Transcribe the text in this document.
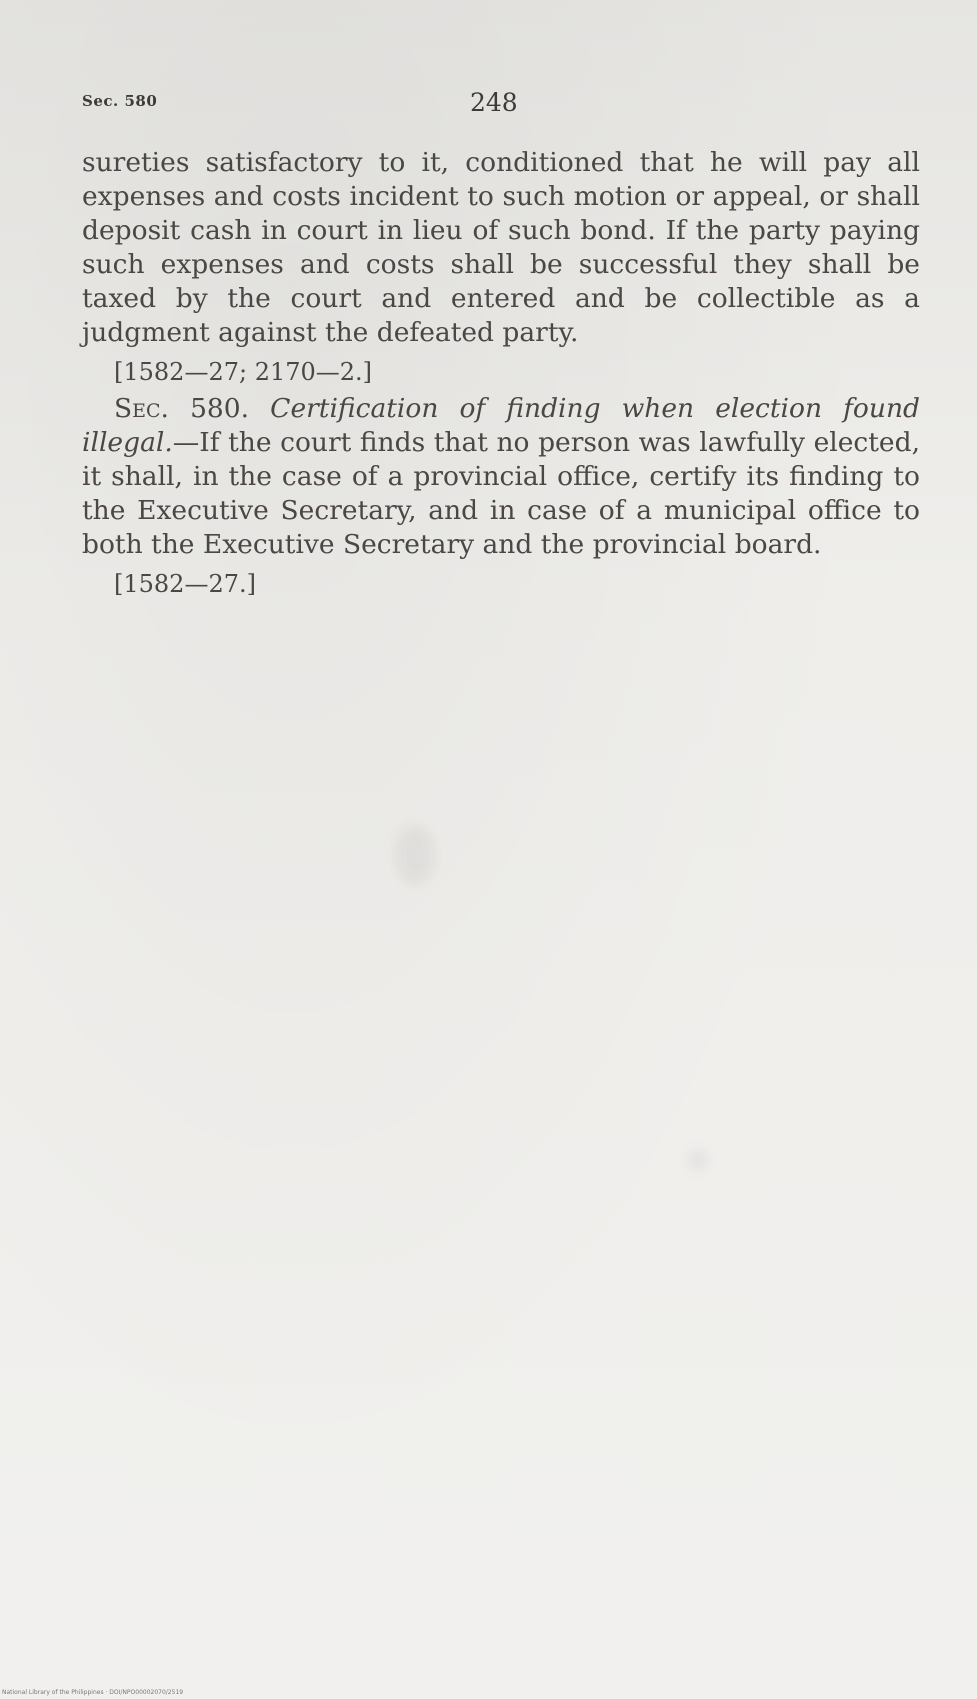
Sec. 580	248

sureties satisfactory to it, conditioned that he will pay all expenses and costs incident to such motion or appeal, or shall deposit cash in court in lieu of such bond. If the party paying such expenses and costs shall be successful they shall be taxed by the court and entered and be collectible as a judgment against the defeated party.

[1582—27; 2170—2.]

Sec. 580. Certification of finding when election found illegal.—If the court finds that no person was lawfully elected, it shall, in the case of a provincial office, certify its finding to the Executive Secretary, and in case of a municipal office to both the Executive Secretary and the provincial board.

[1582—27.]

National Library of the Philippines · DOI/NPO00002070/2519
